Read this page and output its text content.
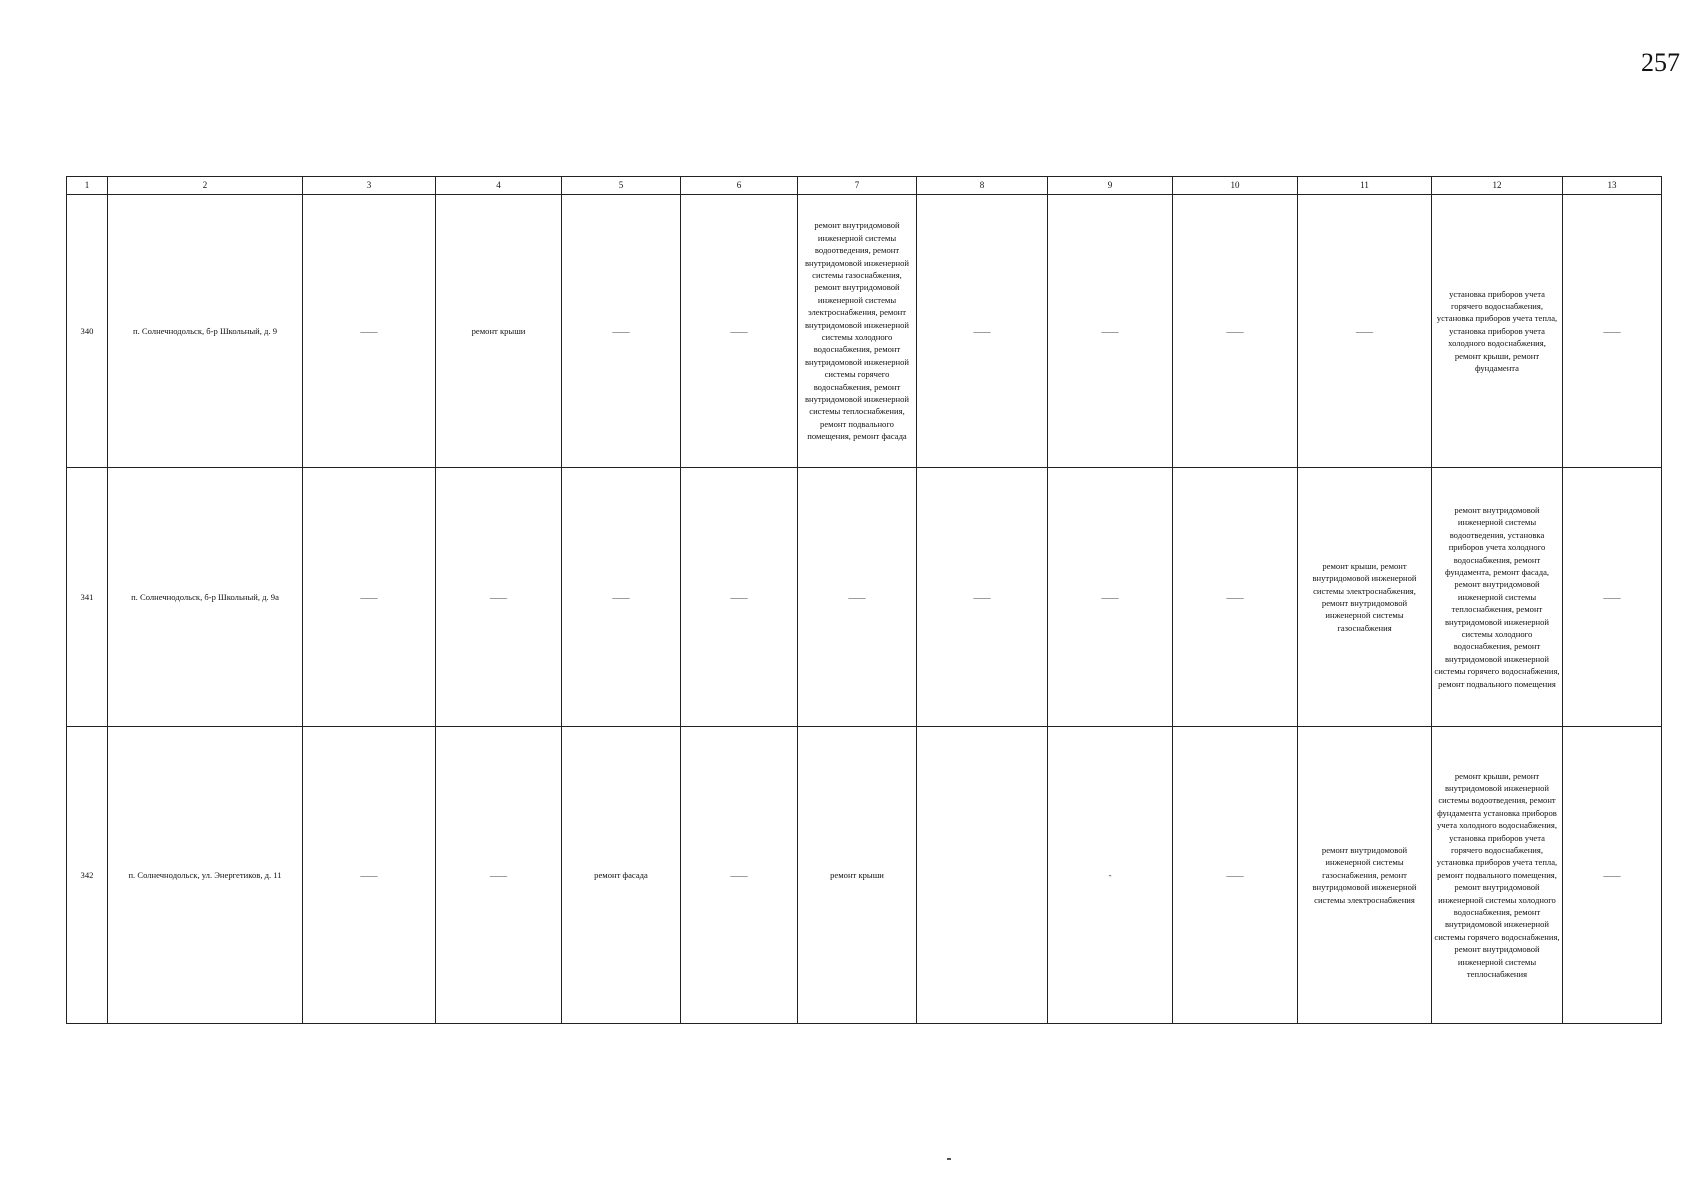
257
1	2	3	4	5	6	7	8	9	10	11	12	13
340	п. Солнечнодольск, б-р Школьный, д. 9	——	ремонт крыши	——	——	ремонт внутридомовой инженерной системы водоотведения, ремонт внутридомовой инженерной системы газоснабжения, ремонт внутридомовой инженерной системы электроснабжения, ремонт внутридомовой инженерной системы холодного водоснабжения, ремонт внутридомовой инженерной системы горячего водоснабжения, ремонт внутридомовой инженерной системы теплоснабжения, ремонт подвального помещения, ремонт фасада	——	——	——	——	установка приборов учета горячего водоснабжения, установка приборов учета тепла, установка приборов учета холодного водоснабжения, ремонт крыши, ремонт фундамента	——
341	п. Солнечнодольск, б-р Школьный, д. 9а	——	——	——	——	——	——	——	——	ремонт крыши, ремонт внутридомовой инженерной системы электроснабжения, ремонт внутридомовой инженерной системы газоснабжения	ремонт внутридомовой инженерной системы водоотведения, установка приборов учета холодного водоснабжения, ремонт фундамента, ремонт фасада, ремонт внутридомовой инженерной системы теплоснабжения, ремонт внутридомовой инженерной системы холодного водоснабжения, ремонт внутридомовой инженерной системы горячего водоснабжения, ремонт подвального помещения	——
342	п. Солнечнодольск, ул. Энергетиков, д. 11	——	——	ремонт фасада	——	ремонт крыши		-	——	ремонт внутридомовой инженерной системы газоснабжения, ремонт внутридомовой инженерной системы электроснабжения	ремонт крыши, ремонт внутридомовой инженерной системы водоотведения, ремонт фундамента установка приборов учета холодного водоснабжения, установка приборов учета горячего водоснабжения, установка приборов учета тепла, ремонт подвального помещения, ремонт внутридомовой инженерной системы холодного водоснабжения, ремонт внутридомовой инженерной системы горячего водоснабжения, ремонт внутридомовой инженерной системы теплоснабжения	——
